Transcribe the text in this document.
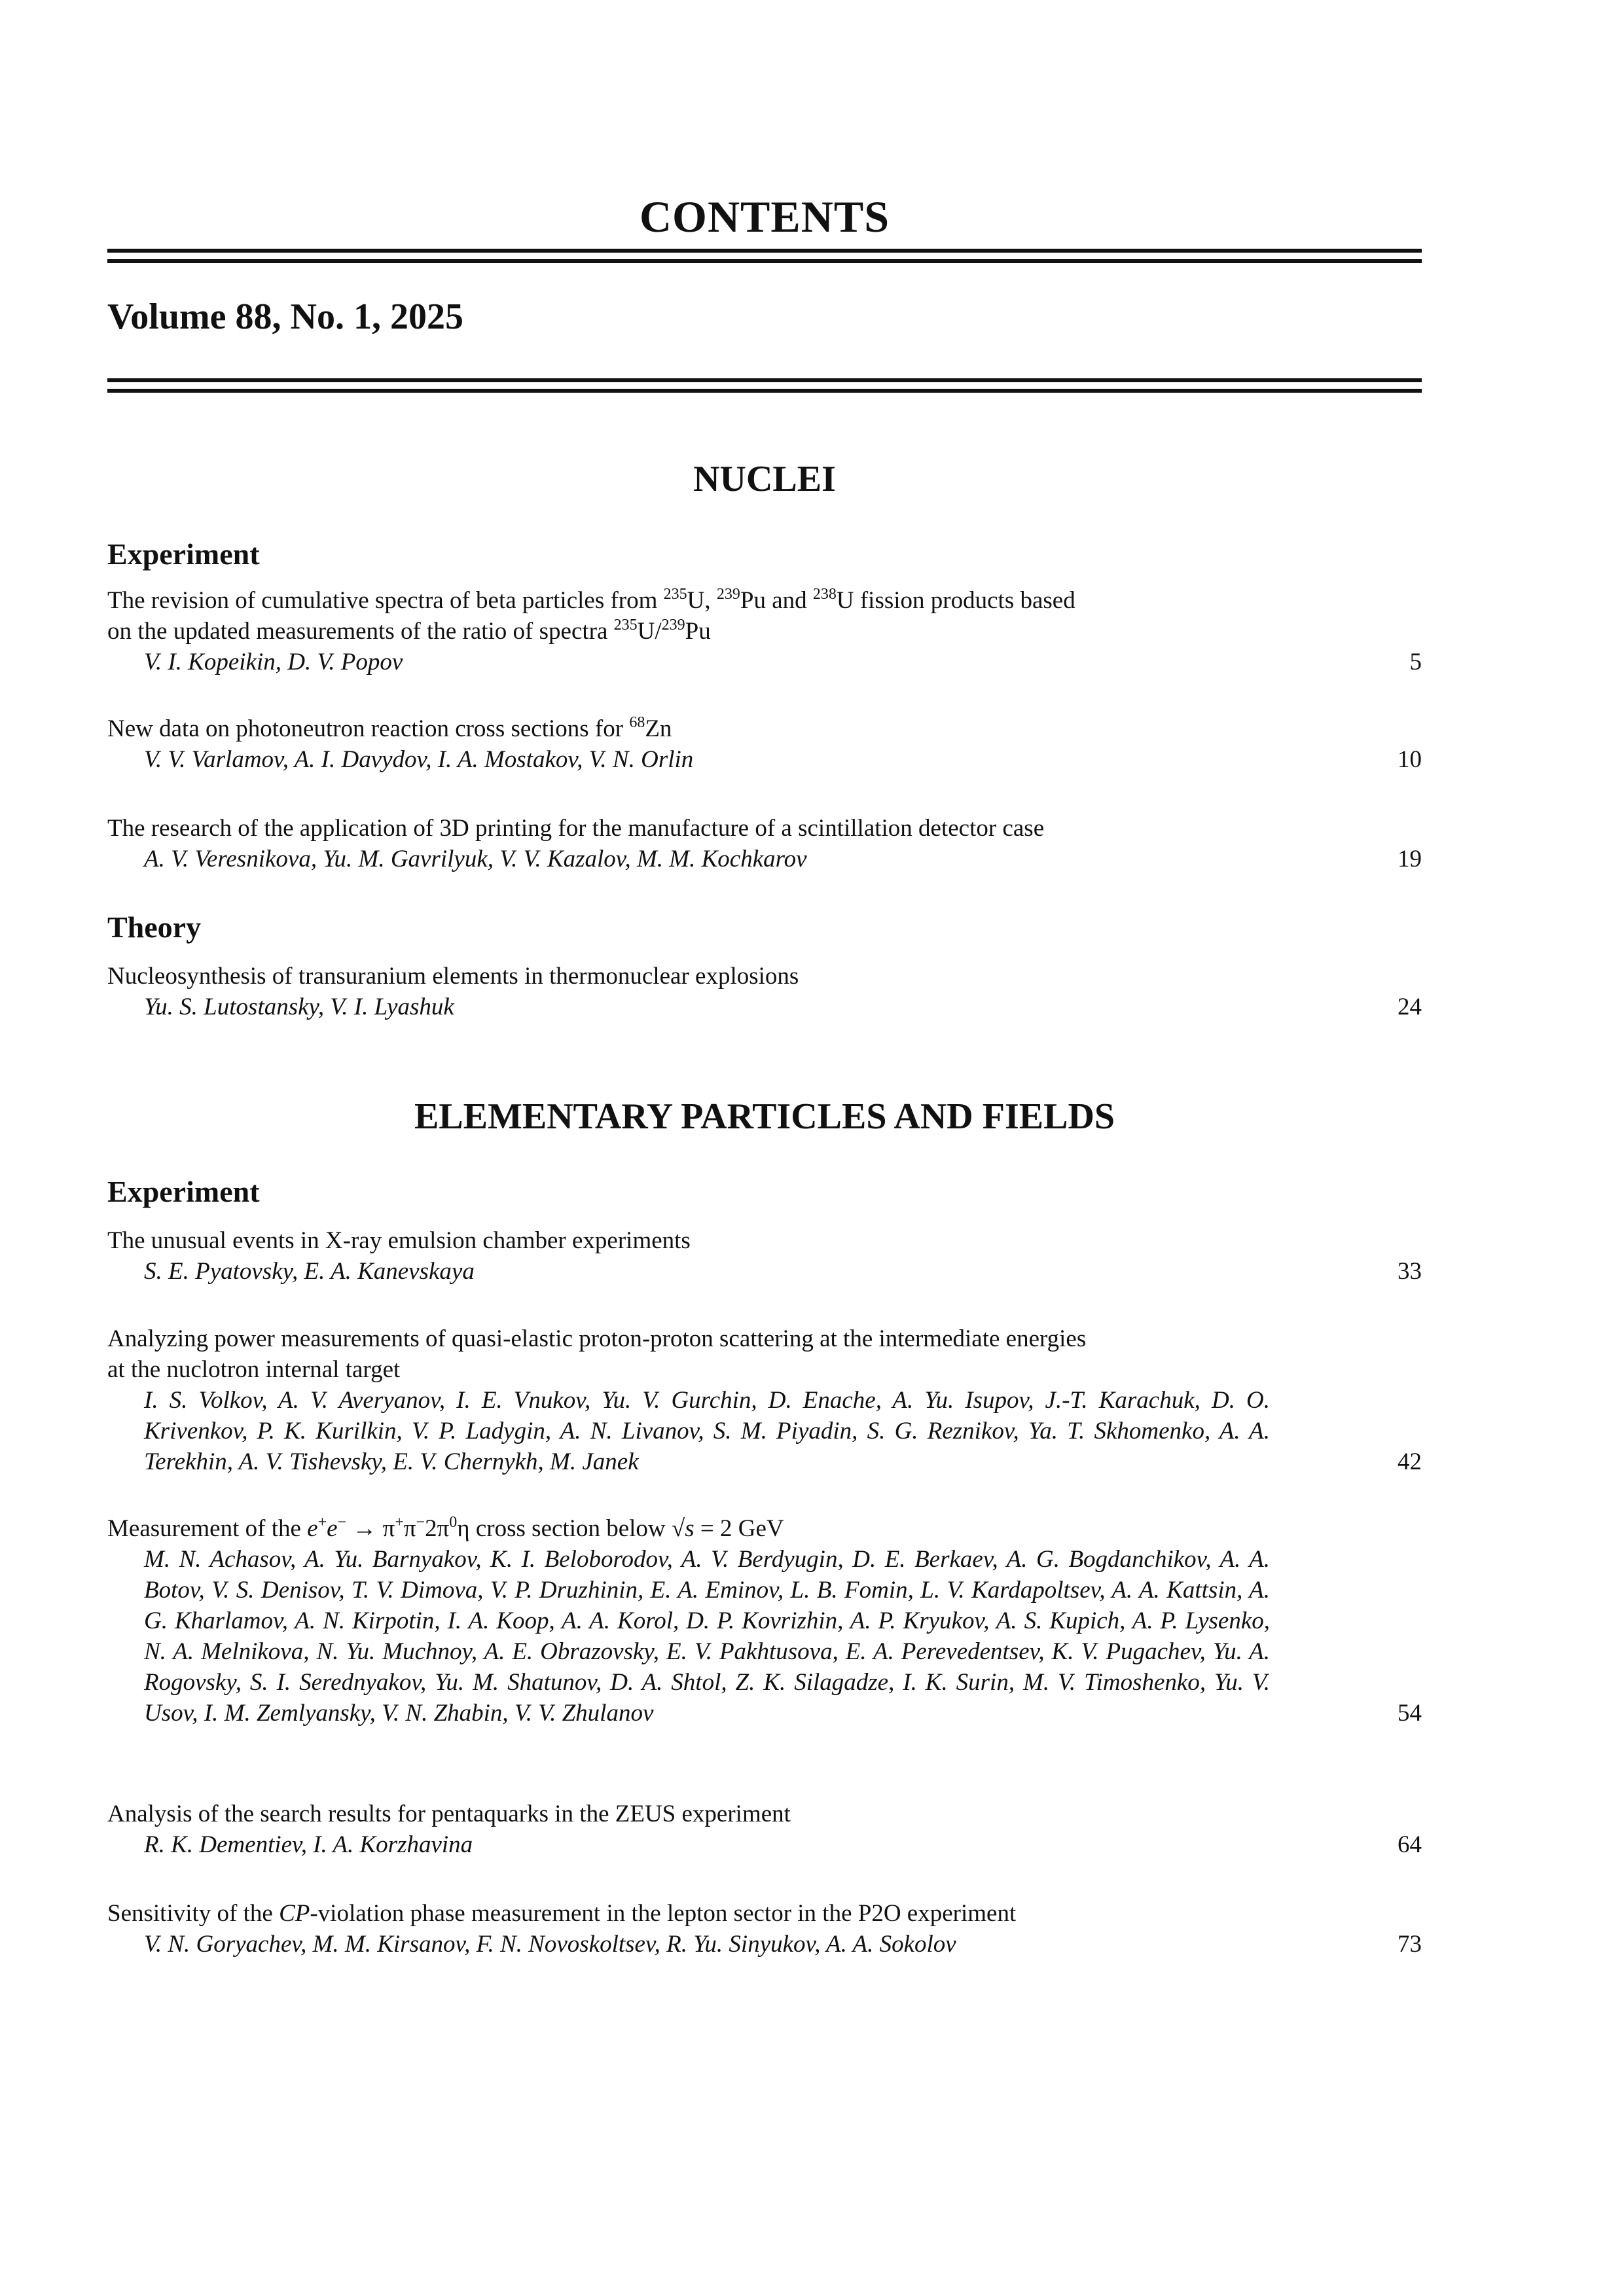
CONTENTS
Volume 88, No. 1, 2025
NUCLEI
Experiment
The revision of cumulative spectra of beta particles from $^{235}$U, $^{239}$Pu and $^{238}$U fission products based
on the updated measurements of the ratio of spectra $^{235}$U/$^{239}$Pu
V. I. Kopeikin, D. V. Popov	5
New data on photoneutron reaction cross sections for $^{68}$Zn
V. V. Varlamov, A. I. Davydov, I. A. Mostakov, V. N. Orlin	10
The research of the application of 3D printing for the manufacture of a scintillation detector case
A. V. Veresnikova, Yu. M. Gavrilyuk, V. V. Kazalov, M. M. Kochkarov	19
Theory
Nucleosynthesis of transuranium elements in thermonuclear explosions
Yu. S. Lutostansky, V. I. Lyashuk	24
ELEMENTARY PARTICLES AND FIELDS
Experiment
The unusual events in X-ray emulsion chamber experiments
S. E. Pyatovsky, E. A. Kanevskaya	33
Analyzing power measurements of quasi-elastic proton-proton scattering at the intermediate energies
at the nuclotron internal target
I. S. Volkov, A. V. Averyanov, I. E. Vnukov, Yu. V. Gurchin, D. Enache, A. Yu. Isupov, J.-T. Karachuk, D. O. Krivenkov, P. K. Kurilkin, V. P. Ladygin, A. N. Livanov, S. M. Piyadin, S. G. Reznikov, Ya. T. Skhomenko, A. A. Terekhin, A. V. Tishevsky, E. V. Chernykh, M. Janek	42
Measurement of the $e^+e^- \to \pi^+\pi^-2\pi^0\eta$ cross section below √s = 2 GeV
M. N. Achasov, A. Yu. Barnyakov, K. I. Beloborodov, A. V. Berdyugin, D. E. Berkaev, A. G. Bogdanchikov, A. A. Botov, V. S. Denisov, T. V. Dimova, V. P. Druzhinin, E. A. Eminov, L. B. Fomin, L. V. Kardapoltsev, A. A. Kattsin, A. G. Kharlamov, A. N. Kirpotin, I. A. Koop, A. A. Korol, D. P. Kovrizhin, A. P. Kryukov, A. S. Kupich, A. P. Lysenko, N. A. Melnikova, N. Yu. Muchnoy, A. E. Obrazovsky, E. V. Pakhtusova, E. A. Perevedentsev, K. V. Pugachev, Yu. A. Rogovsky, S. I. Serednyakov, Yu. M. Shatunov, D. A. Shtol, Z. K. Silagadze, I. K. Surin, M. V. Timoshenko, Yu. V. Usov, I. M. Zemlyansky, V. N. Zhabin, V. V. Zhulanov	54
Analysis of the search results for pentaquarks in the ZEUS experiment
R. K. Dementiev, I. A. Korzhavina	64
Sensitivity of the CP-violation phase measurement in the lepton sector in the P2O experiment
V. N. Goryachev, M. M. Kirsanov, F. N. Novoskoltsev, R. Yu. Sinyukov, A. A. Sokolov	73
